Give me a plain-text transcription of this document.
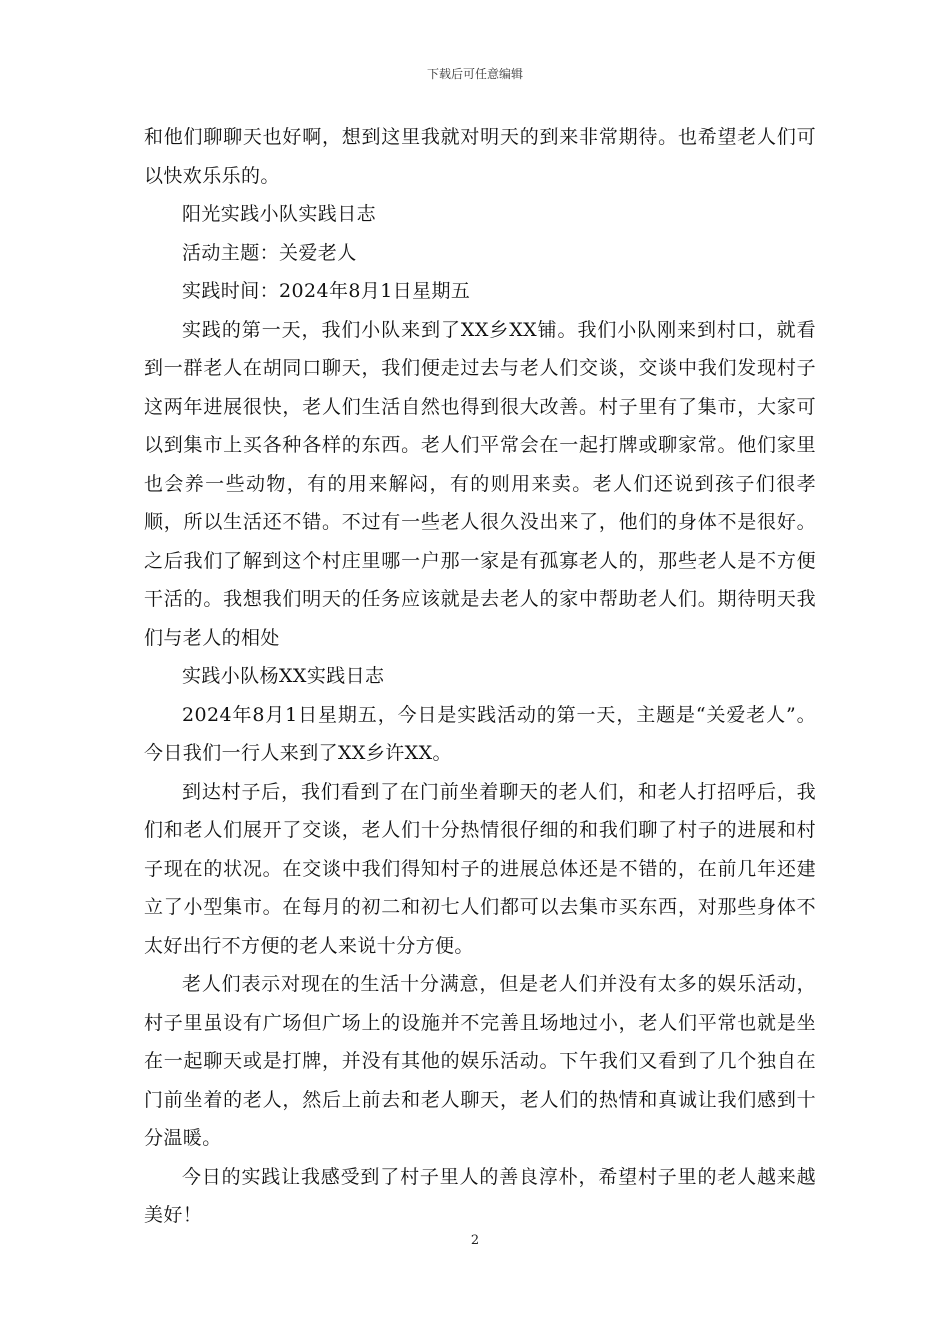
下载后可任意编辑

和他们聊聊天也好啊，想到这里我就对明天的到来非常期待。也希望老人们可以快欢乐乐的。

阳光实践小队实践日志

活动主题：关爱老人

实践时间：2024年8月1日星期五

实践的第一天，我们小队来到了XX乡XX铺。我们小队刚来到村口，就看到一群老人在胡同口聊天，我们便走过去与老人们交谈，交谈中我们发现村子这两年进展很快，老人们生活自然也得到很大改善。村子里有了集市，大家可以到集市上买各种各样的东西。老人们平常会在一起打牌或聊家常。他们家里也会养一些动物，有的用来解闷，有的则用来卖。老人们还说到孩子们很孝顺，所以生活还不错。不过有一些老人很久没出来了，他们的身体不是很好。之后我们了解到这个村庄里哪一户那一家是有孤寡老人的，那些老人是不方便干活的。我想我们明天的任务应该就是去老人的家中帮助老人们。期待明天我们与老人的相处

实践小队杨XX实践日志

2024年8月1日星期五，今日是实践活动的第一天，主题是“关爱老人”。今日我们一行人来到了XX乡许XX。

到达村子后，我们看到了在门前坐着聊天的老人们，和老人打招呼后，我们和老人们展开了交谈，老人们十分热情很仔细的和我们聊了村子的进展和村子现在的状况。在交谈中我们得知村子的进展总体还是不错的，在前几年还建立了小型集市。在每月的初二和初七人们都可以去集市买东西，对那些身体不太好出行不方便的老人来说十分方便。

老人们表示对现在的生活十分满意，但是老人们并没有太多的娱乐活动，村子里虽设有广场但广场上的设施并不完善且场地过小，老人们平常也就是坐在一起聊天或是打牌，并没有其他的娱乐活动。下午我们又看到了几个独自在门前坐着的老人，然后上前去和老人聊天，老人们的热情和真诚让我们感到十分温暖。

今日的实践让我感受到了村子里人的善良淳朴，希望村子里的老人越来越美好！

2
